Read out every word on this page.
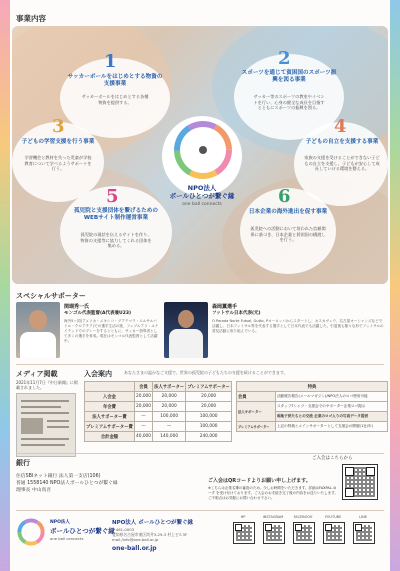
事業内容
1
サッカーボールをはじめとする物資の支援事業
サッカーボールをはじめとする各種物資を提供する。
2
スポーツを通じて貧困国のスポーツ振興を図る事業
サッカー等のスポーツの教室やイベントを行い、心身の健全な成長を目指すとともにスポーツの振興を図る。
3
子どもの学習支援を行う事業
学習機会と教材を失った児童が学校教育について学べるようサポートを行う。
4
子どもの自立を支援する事業
家族の支援を受けることができない子どもの自立を支援し、子どもが安心して成長していける環境を整える。
5
孤児院と支援団体を繋げるためのWEBサイト制作運営事業
孤児院の現状を伝えるサイトを作り、物資の支援等に協力してくれる団体を集める。
6
日本企業の海外進出を促す事業
孤児院への活動において培われた信頼関係に基づき、日本企業と貧困国の橋渡しを行う。
NPO法人
ボールひとつが繋ぐ縁
one ball connects
スペシャルサポーター
関瑚秀一氏
モンゴル代表監督(A代表兼U23)
海外5ヶ国(アメリカ・メキシコ・グアテマラ・エルサルバドル・クロアチア)での選手生活の後、フェブルアリ・ユナイテッドでのプレーをするとともに、サッカー指導者として多くの選手を育成。現在はモンゴル代表監督として活躍中。
森岡薫選手
フットサル日本代表(元)
O Parada Norte Futsal, Gutto, Pヨーロッパからスタートし、カスカヴェウ、名古屋オーシャンズなどで活躍し、日本フットサル界を代表する選手として日本代表でも活躍した。引退後も様々な形でフットサルの普及活動に取り組んでいる。
メディア掲載
2021年11月7日『中日新聞』に掲載されました。
入会案内	あなたさまの温かなご支援で、世界の孤児院の子どもたちの支援を続けることができます。
	会員	法人サポーター	プレミアムサポーター
入会金	20,000	20,000	20,000
年会費	20,000	20,000	20,000
法人サポーター費	—	100,000	100,000
プレミアムサポーター費	—	—	100,000
合計金額	40,000	140,000	240,000
特典	
会員	活動報告報告(メールマガジン)/NPO法人のロゴ使用可能
法人サポーター	スタッフTシャツ・支援会でのサポーター企業ロゴ掲示
	現地子供たちとの交流 企業のロゴ入りの写真データ提供
プレミアムサポーター	上記の特典とメインサポーターとして支援会の開催(1社/年)
銀行
住信SBIネット銀行 法人第一支店(106)
普通 1558140 NPO法人ボールひとつが繋ぐ縁
理事長 中山真吾
ご入会はこちらから
ご入会はQRコードよりお願い申し上げます。
※こちらは企業名簿の審査のため、少しお時間をいただきます。詳細はFAXPAL.ゆーず を受け付けております。ご入会のお手続き完了後の内容をお送りいたします。ご不明点はお気軽にお問い合わせ下さい。
NPO法人
ボールひとつが繋ぐ縁
one ball connects
NPO法人 ボールひとつが繋ぐ縁
〒461-0003
愛知県名古屋市東区筒井3-29-3 村上ビル3F
mail./info@one-ball.or.jp
one-ball.or.jp
HP	INSTAGRAM	FACEBOOK	YOUTUBE	LINE
